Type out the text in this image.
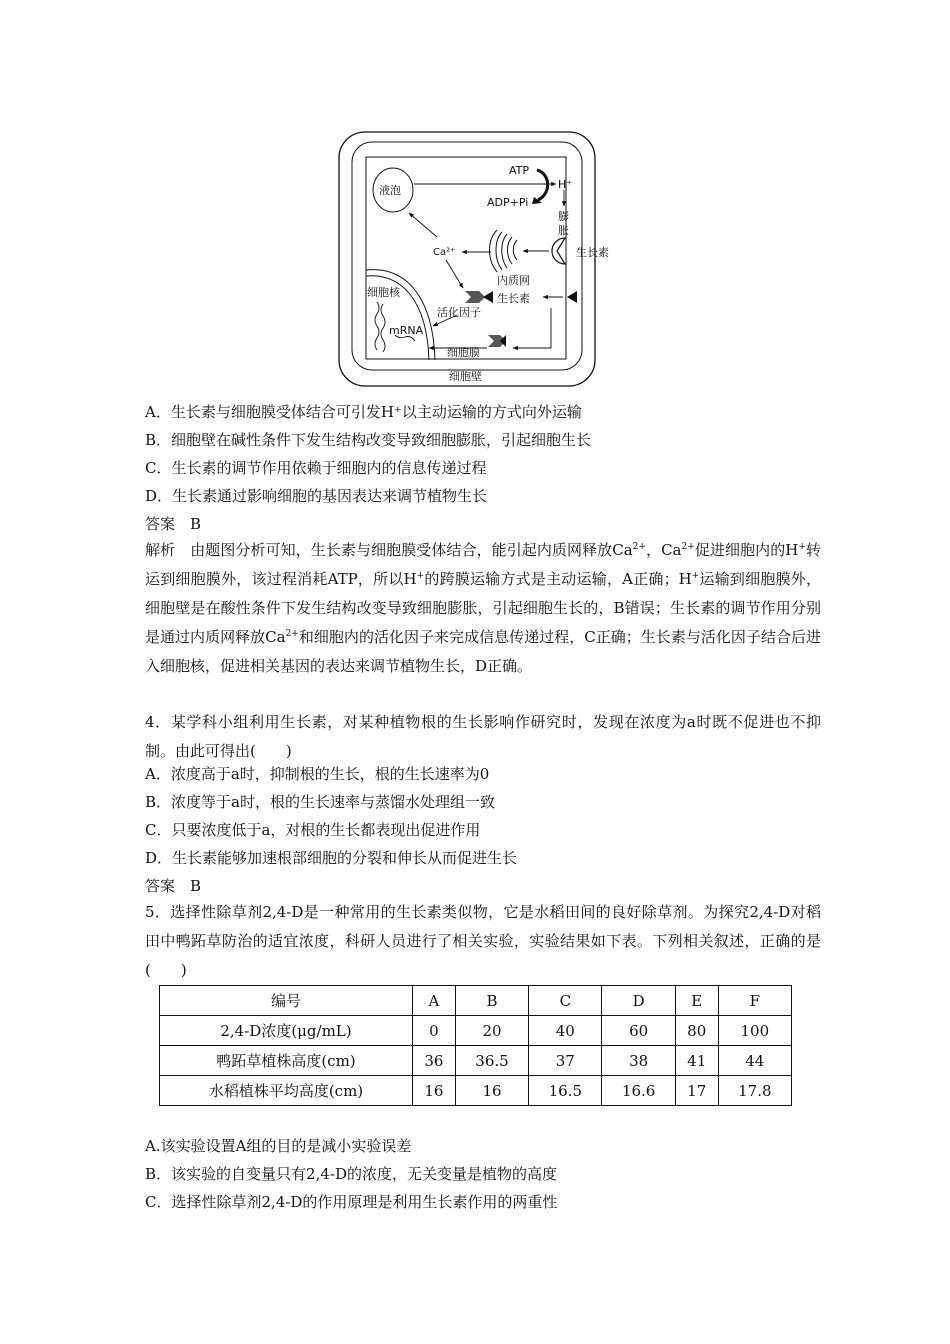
ATP
H⁺
ADP+Pi
液泡
膨
胀
生长素
Ca²⁺
内质网
细胞核	生长素
活化因子
mRNA
细胞膜
细胞壁
A．生长素与细胞膜受体结合可引发H⁺以主动运输的方式向外运输
B．细胞壁在碱性条件下发生结构改变导致细胞膨胀，引起细胞生长
C．生长素的调节作用依赖于细胞内的信息传递过程
D．生长素通过影响细胞的基因表达来调节植物生长
答案　B
解析　由题图分析可知，生长素与细胞膜受体结合，能引起内质网释放$Ca^{2+}$，$Ca^{2+}$促进细胞内的H+转运到细胞膜外，该过程消耗ATP，所以H+的跨膜运输方式是主动运输，A正确；H+运输到细胞膜外，细胞壁是在酸性条件下发生结构改变导致细胞膨胀，引起细胞生长的，B错误；生长素的调节作用分别是通过内质网释放$Ca^{2+}$和细胞内的活化因子来完成信息传递过程，C正确；生长素与活化因子结合后进入细胞核，促进相关基因的表达来调节植物生长，D正确。
4．某学科小组利用生长素，对某种植物根的生长影响作研究时，发现在浓度为a时既不促进也不抑制。由此可得出(　　)
A．浓度高于a时，抑制根的生长，根的生长速率为0
B．浓度等于a时，根的生长速率与蒸馏水处理组一致
C．只要浓度低于a，对根的生长都表现出促进作用
D．生长素能够加速根部细胞的分裂和伸长从而促进生长
答案　B
5．选择性除草剂2,4-D是一种常用的生长素类似物，它是水稻田间的良好除草剂。为探究2,4-D对稻田中鸭跖草防治的适宜浓度，科研人员进行了相关实验，实验结果如下表。下列相关叙述，正确的是(　　)
编号	A	B	C	D	E	F
2,4-D浓度(μg/mL)	0	20	40	60	80	100
鸭跖草植株高度(cm)	36	36.5	37	38	41	44
水稻植株平均高度(cm)	16	16	16.5	16.6	17	17.8
A.该实验设置A组的目的是减小实验误差
B．该实验的自变量只有2,4-D的浓度，无关变量是植物的高度
C．选择性除草剂2,4-D的作用原理是利用生长素作用的两重性
